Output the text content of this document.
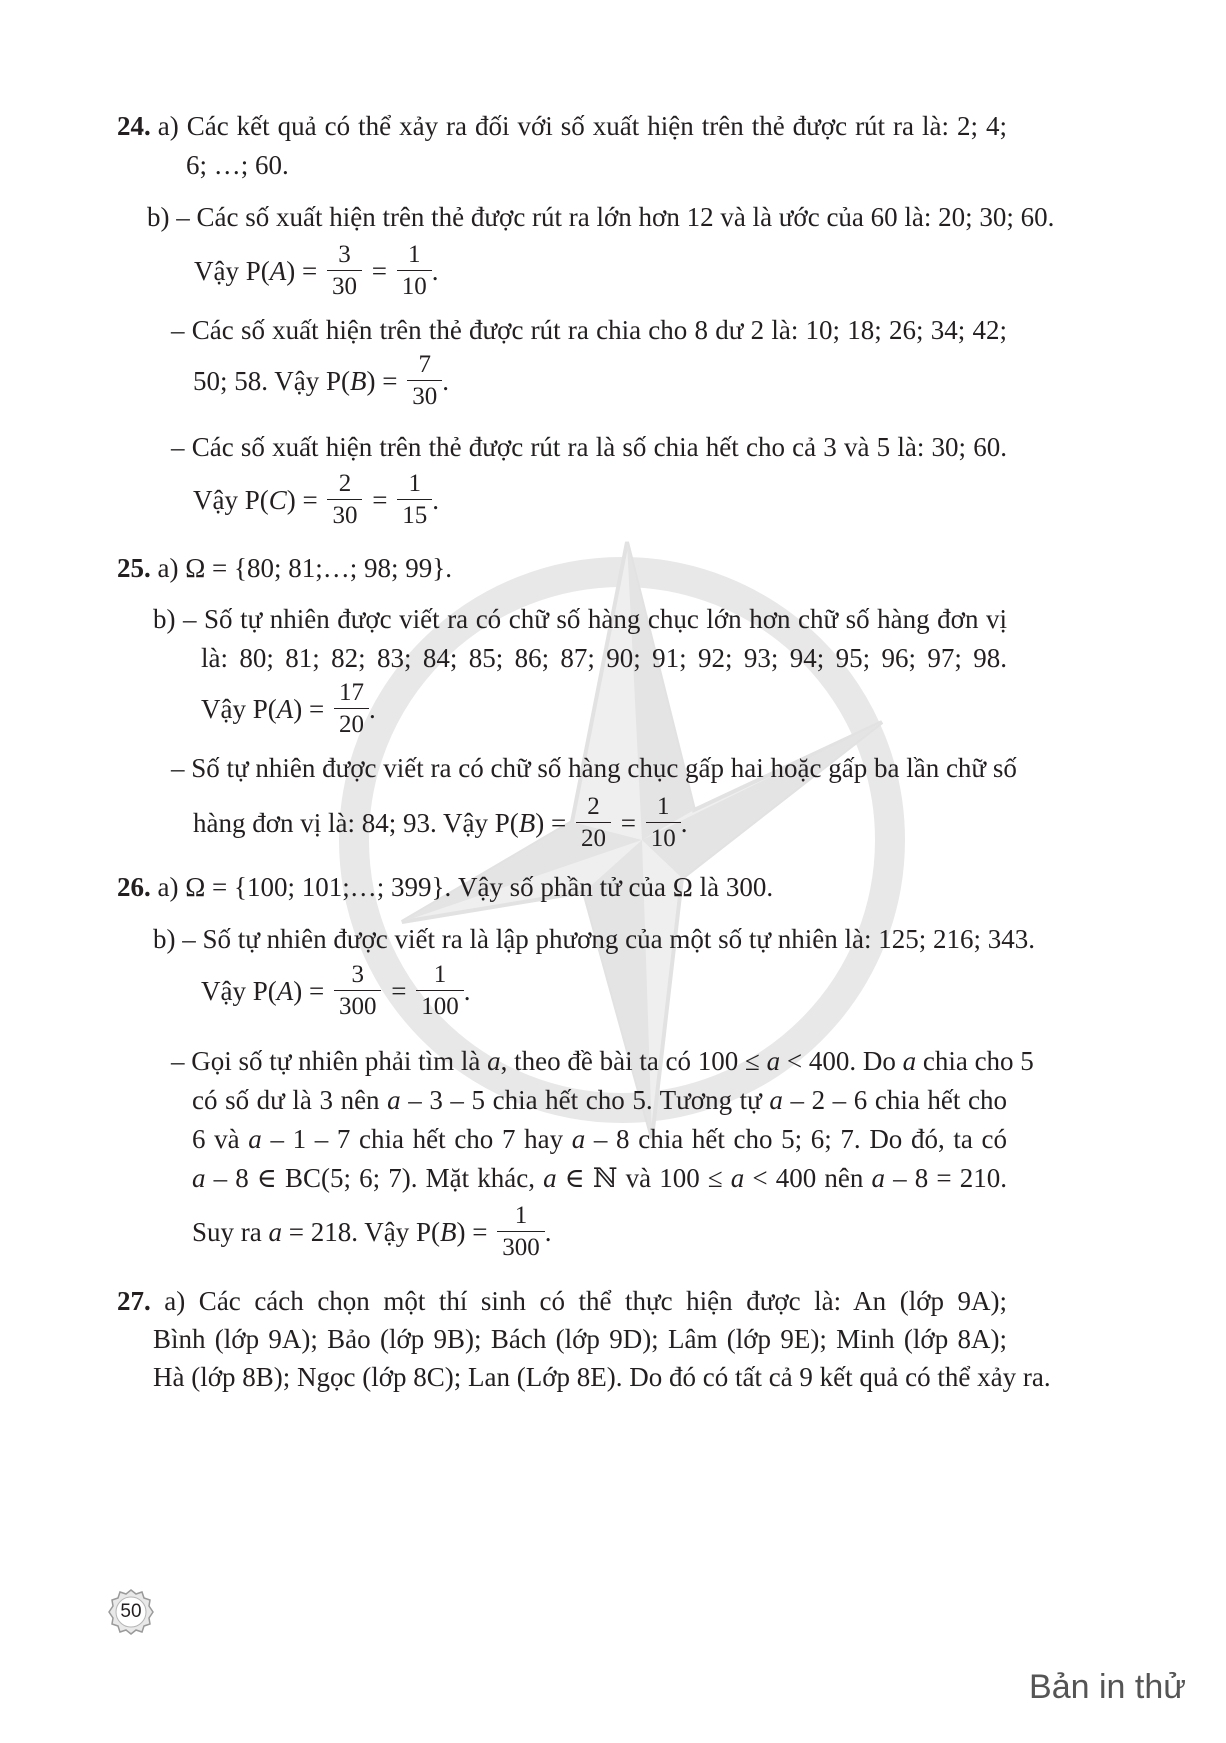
24. a) Các kết quả có thể xảy ra đối với số xuất hiện trên thẻ được rút ra là: 2; 4;
6; …; 60.
b) – Các số xuất hiện trên thẻ được rút ra lớn hơn 12 và là ước của 60 là: 20; 30; 60.
Vậy $P(A) = \frac{3}{30} = \frac{1}{10}$ .
– Các số xuất hiện trên thẻ được rút ra chia cho 8 dư 2 là: 10; 18; 26; 34; 42;
50; 58. Vậy $P(B) = \frac{7}{30}$ .
– Các số xuất hiện trên thẻ được rút ra là số chia hết cho cả 3 và 5 là: 30; 60.
Vậy $P(C) = \frac{2}{30} = \frac{1}{15}$ .
25. a) Ω = {80; 81;…; 98; 99}.
b) – Số tự nhiên được viết ra có chữ số hàng chục lớn hơn chữ số hàng đơn vị
là: 80; 81; 82; 83; 84; 85; 86; 87; 90; 91; 92; 93; 94; 95; 96; 97; 98.
Vậy $P(A) = \frac{17}{20}$ .
– Số tự nhiên được viết ra có chữ số hàng chục gấp hai hoặc gấp ba lần chữ số
hàng đơn vị là: 84; 93. Vậy $P(B) = \frac{2}{20} = \frac{1}{10}$ .
26. a) Ω = {100; 101;…; 399}. Vậy số phần tử của Ω là 300.
b) – Số tự nhiên được viết ra là lập phương của một số tự nhiên là: 125; 216; 343.
Vậy $P(A) = \frac{3}{300} = \frac{1}{100}$ .
– Gọi số tự nhiên phải tìm là a, theo đề bài ta có 100 ≤ a < 400. Do a chia cho 5
có số dư là 3 nên a – 3 – 5 chia hết cho 5. Tương tự a – 2 – 6 chia hết cho
6 và a – 1 – 7 chia hết cho 7 hay a – 8 chia hết cho 5; 6; 7. Do đó, ta có
a – 8 ∈ BC(5; 6; 7). Mặt khác, a ∈ ℕ và 100 ≤ a < 400 nên a – 8 = 210.
Suy ra a = 218. Vậy $P(B) = \frac{1}{300}$ .
27. a) Các cách chọn một thí sinh có thể thực hiện được là: An (lớp 9A);
Bình (lớp 9A); Bảo (lớp 9B); Bách (lớp 9D); Lâm (lớp 9E); Minh (lớp 8A);
Hà (lớp 8B); Ngọc (lớp 8C); Lan (Lớp 8E). Do đó có tất cả 9 kết quả có thể xảy ra.
50
Bản in thử
